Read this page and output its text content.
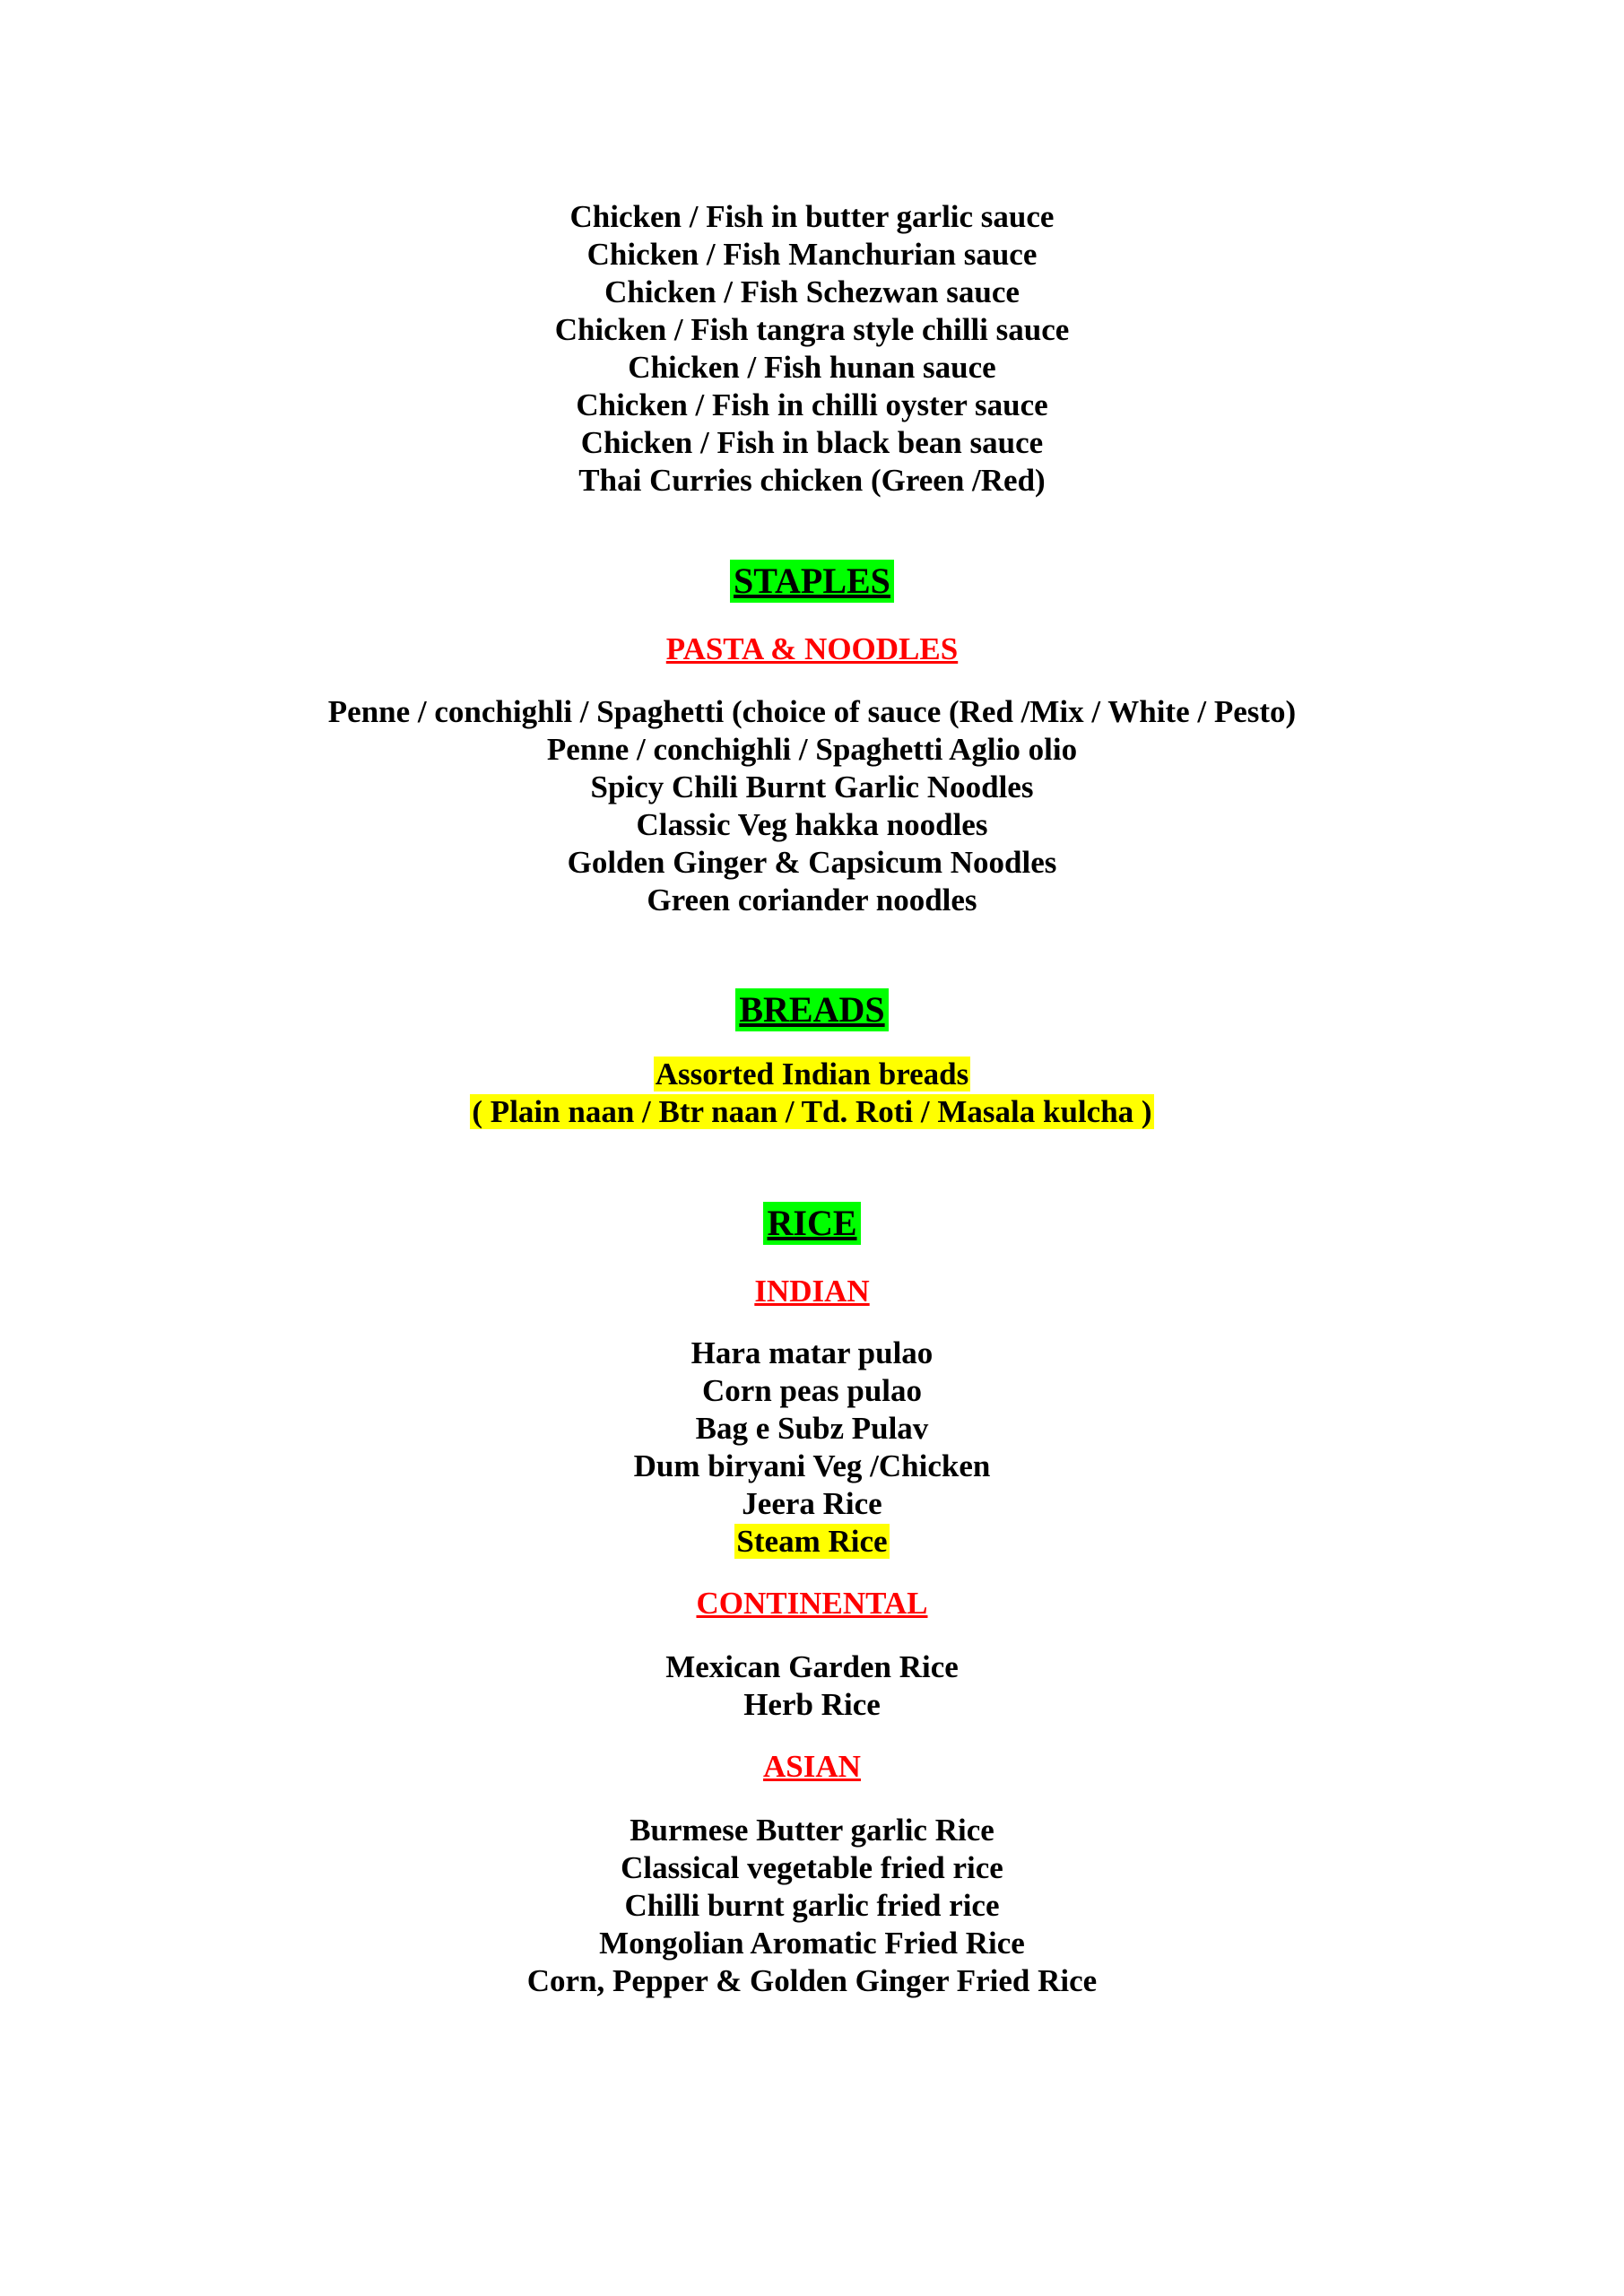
Chicken / Fish in butter garlic sauce
Chicken / Fish Manchurian sauce
Chicken / Fish Schezwan sauce
Chicken / Fish tangra style chilli sauce
Chicken / Fish hunan sauce
Chicken / Fish in chilli oyster sauce
Chicken / Fish in black bean sauce
Thai Curries chicken (Green /Red)
STAPLES
PASTA & NOODLES
Penne / conchighli / Spaghetti (choice of sauce (Red /Mix / White / Pesto)
Penne / conchighli / Spaghetti Aglio olio
Spicy Chili Burnt Garlic Noodles
Classic Veg hakka noodles
Golden Ginger & Capsicum Noodles
Green coriander noodles
BREADS
Assorted Indian breads
( Plain naan / Btr naan / Td. Roti / Masala kulcha )
RICE
INDIAN
Hara matar pulao
Corn peas pulao
Bag e Subz Pulav
Dum biryani Veg /Chicken
Jeera Rice
Steam Rice
CONTINENTAL
Mexican Garden Rice
Herb Rice
ASIAN
Burmese Butter garlic Rice
Classical vegetable fried rice
Chilli burnt garlic fried rice
Mongolian Aromatic Fried Rice
Corn, Pepper & Golden Ginger Fried Rice
